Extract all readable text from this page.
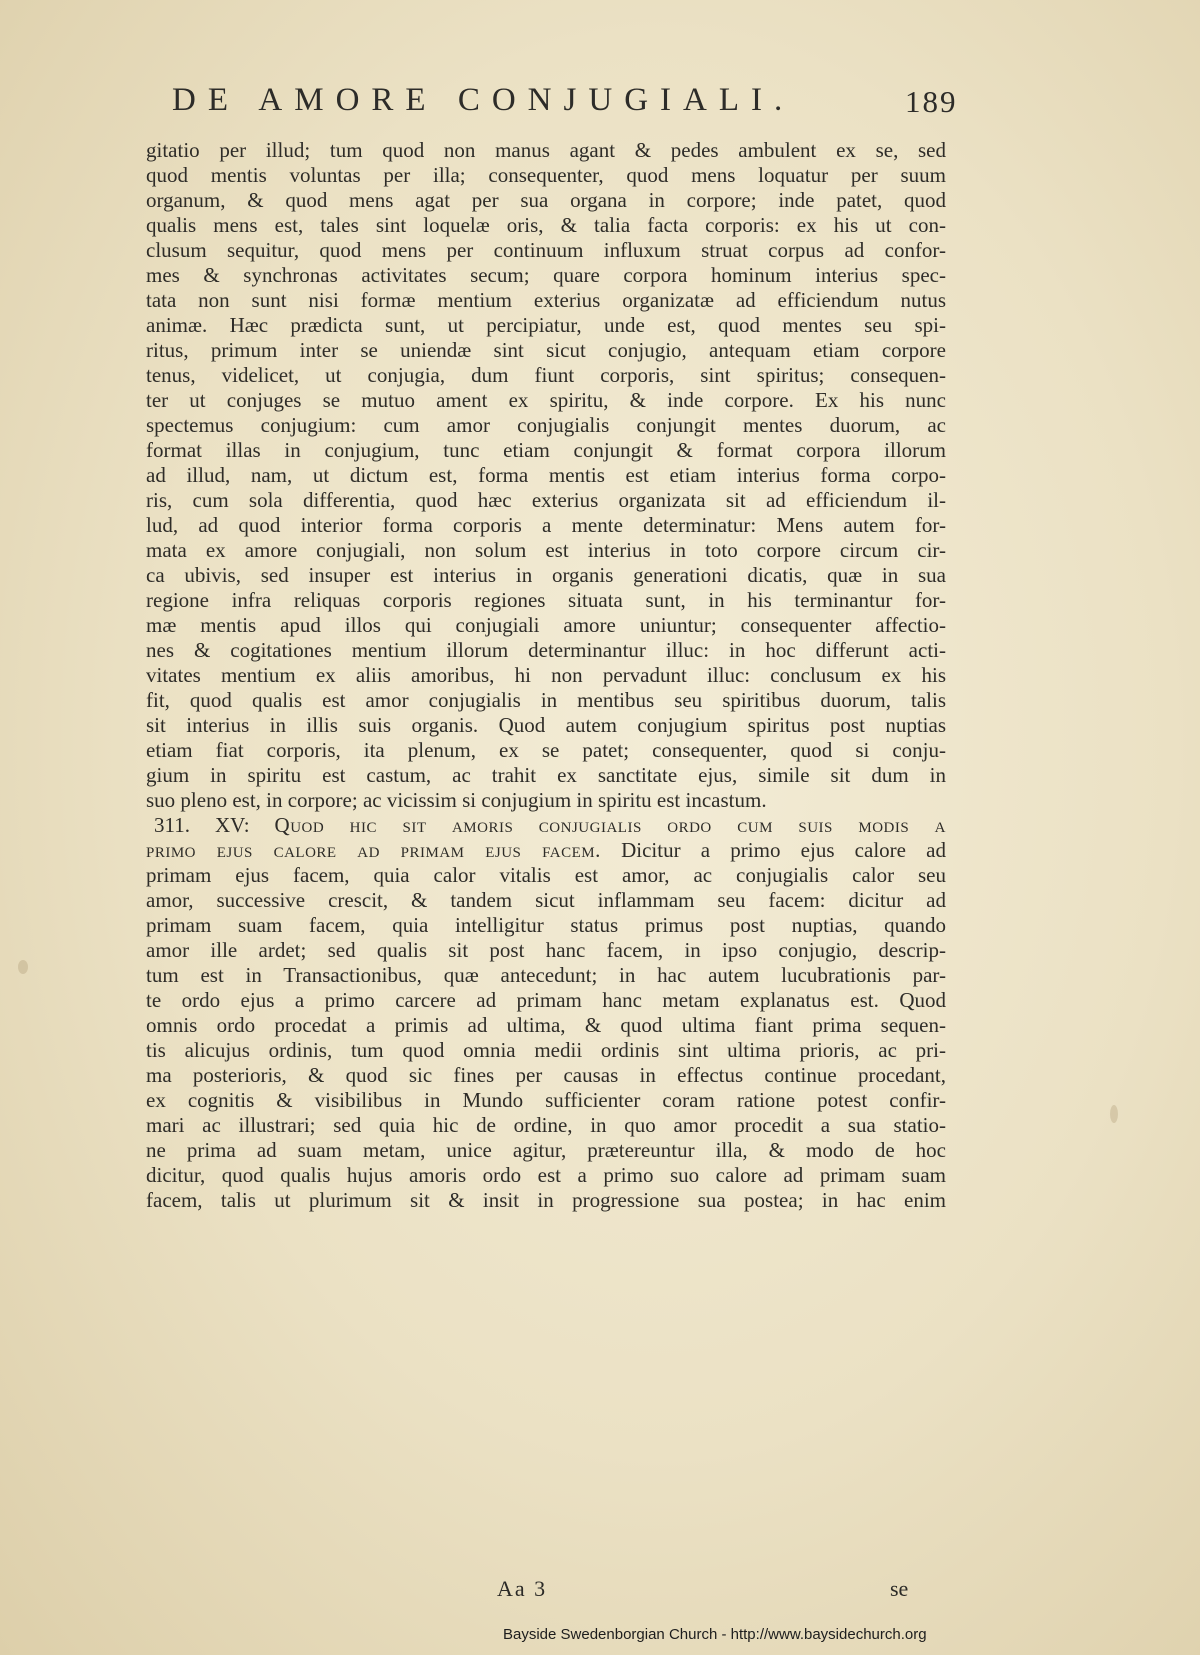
DE AMORE CONJUGIALI.	189
gitatio per illud; tum quod non manus agant & pedes ambulent ex se, sed
quod mentis voluntas per illa; consequenter, quod mens loquatur per suum
organum, & quod mens agat per sua organa in corpore; inde patet, quod
qualis mens est, tales sint loquelæ oris, & talia facta corporis: ex his ut con-
clusum sequitur, quod mens per continuum influxum struat corpus ad confor-
mes & synchronas activitates secum; quare corpora hominum interius spec-
tata non sunt nisi formæ mentium exterius organizatæ ad efficiendum nutus
animæ. Hæc prædicta sunt, ut percipiatur, unde est, quod mentes seu spi-
ritus, primum inter se uniendæ sint sicut conjugio, antequam etiam corpore
tenus, videlicet, ut conjugia, dum fiunt corporis, sint spiritus; consequen-
ter ut conjuges se mutuo ament ex spiritu, & inde corpore. Ex his nunc
spectemus conjugium: cum amor conjugialis conjungit mentes duorum, ac
format illas in conjugium, tunc etiam conjungit & format corpora illorum
ad illud, nam, ut dictum est, forma mentis est etiam interius forma corpo-
ris, cum sola differentia, quod hæc exterius organizata sit ad efficiendum il-
lud, ad quod interior forma corporis a mente determinatur: Mens autem for-
mata ex amore conjugiali, non solum est interius in toto corpore circum cir-
ca ubivis, sed insuper est interius in organis generationi dicatis, quæ in sua
regione infra reliquas corporis regiones situata sunt, in his terminantur for-
mæ mentis apud illos qui conjugiali amore uniuntur; consequenter affectio-
nes & cogitationes mentium illorum determinantur illuc: in hoc differunt acti-
vitates mentium ex aliis amoribus, hi non pervadunt illuc: conclusum ex his
fit, quod qualis est amor conjugialis in mentibus seu spiritibus duorum, talis
sit interius in illis suis organis. Quod autem conjugium spiritus post nuptias
etiam fiat corporis, ita plenum, ex se patet; consequenter, quod si conju-
gium in spiritu est castum, ac trahit ex sanctitate ejus, simile sit dum in
suo pleno est, in corpore; ac vicissim si conjugium in spiritu est incastum.
311. XV: Quod hic sit amoris conjugialis ordo cum suis modis a
primo ejus calore ad primam ejus facem. Dicitur a primo ejus calore ad
primam ejus facem, quia calor vitalis est amor, ac conjugialis calor seu
amor, successive crescit, & tandem sicut inflammam seu facem: dicitur ad
primam suam facem, quia intelligitur status primus post nuptias, quando
amor ille ardet; sed qualis sit post hanc facem, in ipso conjugio, descrip-
tum est in Transactionibus, quæ antecedunt; in hac autem lucubrationis par-
te ordo ejus a primo carcere ad primam hanc metam explanatus est. Quod
omnis ordo procedat a primis ad ultima, & quod ultima fiant prima sequen-
tis alicujus ordinis, tum quod omnia medii ordinis sint ultima prioris, ac pri-
ma posterioris, & quod sic fines per causas in effectus continue procedant,
ex cognitis & visibilibus in Mundo sufficienter coram ratione potest confir-
mari ac illustrari; sed quia hic de ordine, in quo amor procedit a sua statio-
ne prima ad suam metam, unice agitur, prætereuntur illa, & modo de hoc
dicitur, quod qualis hujus amoris ordo est a primo suo calore ad primam suam
facem, talis ut plurimum sit & insit in progressione sua postea; in hac enim
Aa 3	se
Bayside Swedenborgian Church - http://www.baysidechurch.org
